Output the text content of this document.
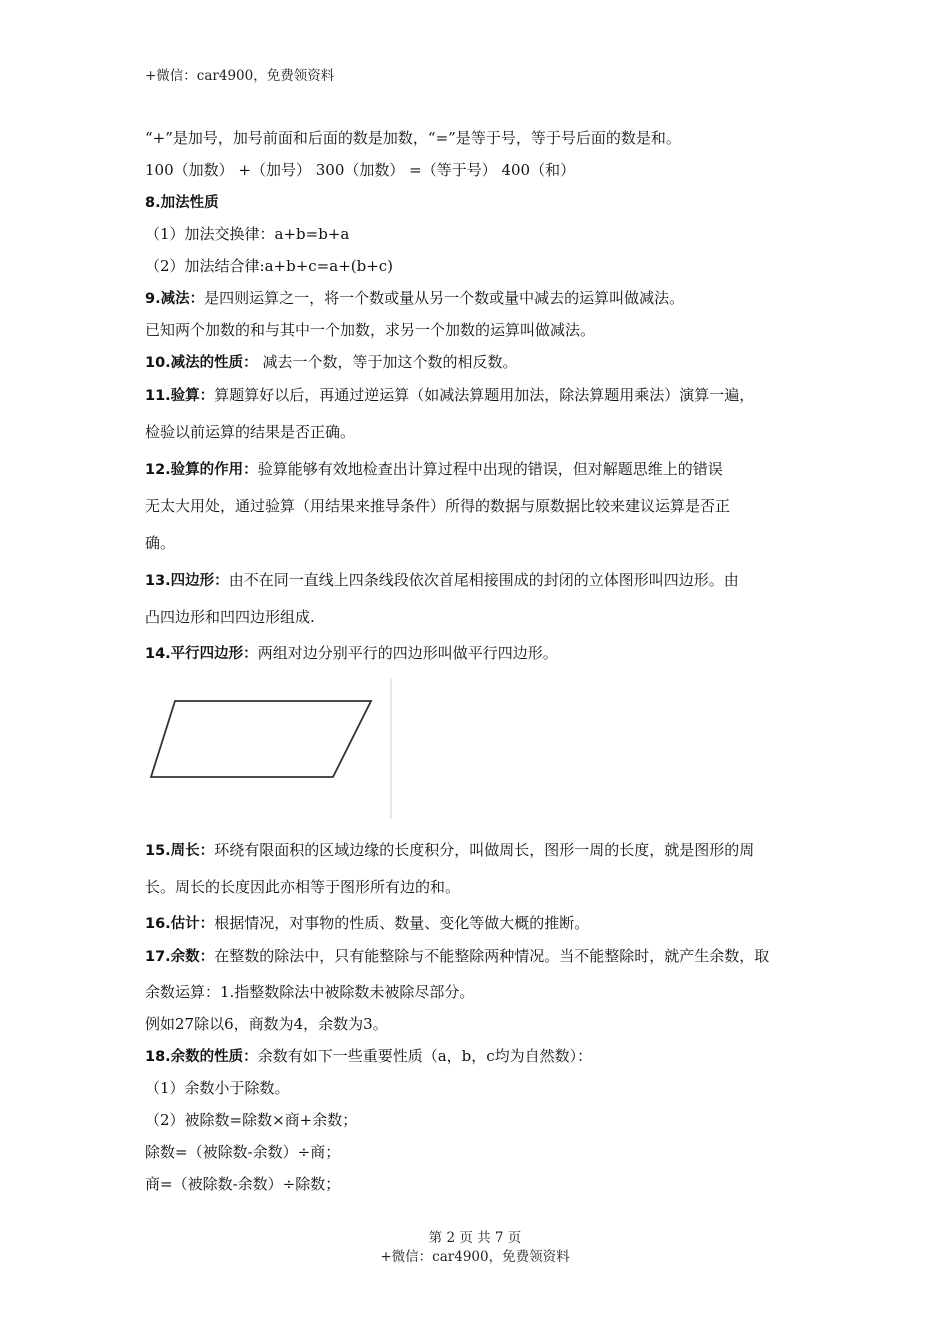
+微信：car4900，免费领资料
“+”是加号，加号前面和后面的数是加数，“=”是等于号，等于号后面的数是和。
100（加数） +（加号） 300（加数） =（等于号） 400（和）
8.加法性质
（1）加法交换律：a+b=b+a
（2）加法结合律:a+b+c=a+(b+c)
9.减法：是四则运算之一，将一个数或量从另一个数或量中减去的运算叫做减法。
已知两个加数的和与其中一个加数，求另一个加数的运算叫做减法。
10.减法的性质： 减去一个数，等于加这个数的相反数。
11.验算：算题算好以后，再通过逆运算（如减法算题用加法，除法算题用乘法）演算一遍，
检验以前运算的结果是否正确。
12.验算的作用：验算能够有效地检查出计算过程中出现的错误，但对解题思维上的错误
无太大用处，通过验算（用结果来推导条件）所得的数据与原数据比较来建议运算是否正
确。
13.四边形：由不在同一直线上四条线段依次首尾相接围成的封闭的立体图形叫四边形。由
凸四边形和凹四边形组成.
14.平行四边形：两组对边分别平行的四边形叫做平行四边形。
15.周长：环绕有限面积的区域边缘的长度积分，叫做周长，图形一周的长度，就是图形的周
长。周长的长度因此亦相等于图形所有边的和。
16.估计：根据情况，对事物的性质、数量、变化等做大概的推断。
17.余数：在整数的除法中，只有能整除与不能整除两种情况。当不能整除时，就产生余数，取
余数运算：1.指整数除法中被除数未被除尽部分。
例如27除以6，商数为4，余数为3。
18.余数的性质：余数有如下一些重要性质（a，b，c均为自然数）：
（1）余数小于除数。
（2）被除数=除数×商+余数；
除数=（被除数-余数）÷商；
商=（被除数-余数）÷除数；
第 2 页 共 7 页
+微信：car4900，免费领资料
